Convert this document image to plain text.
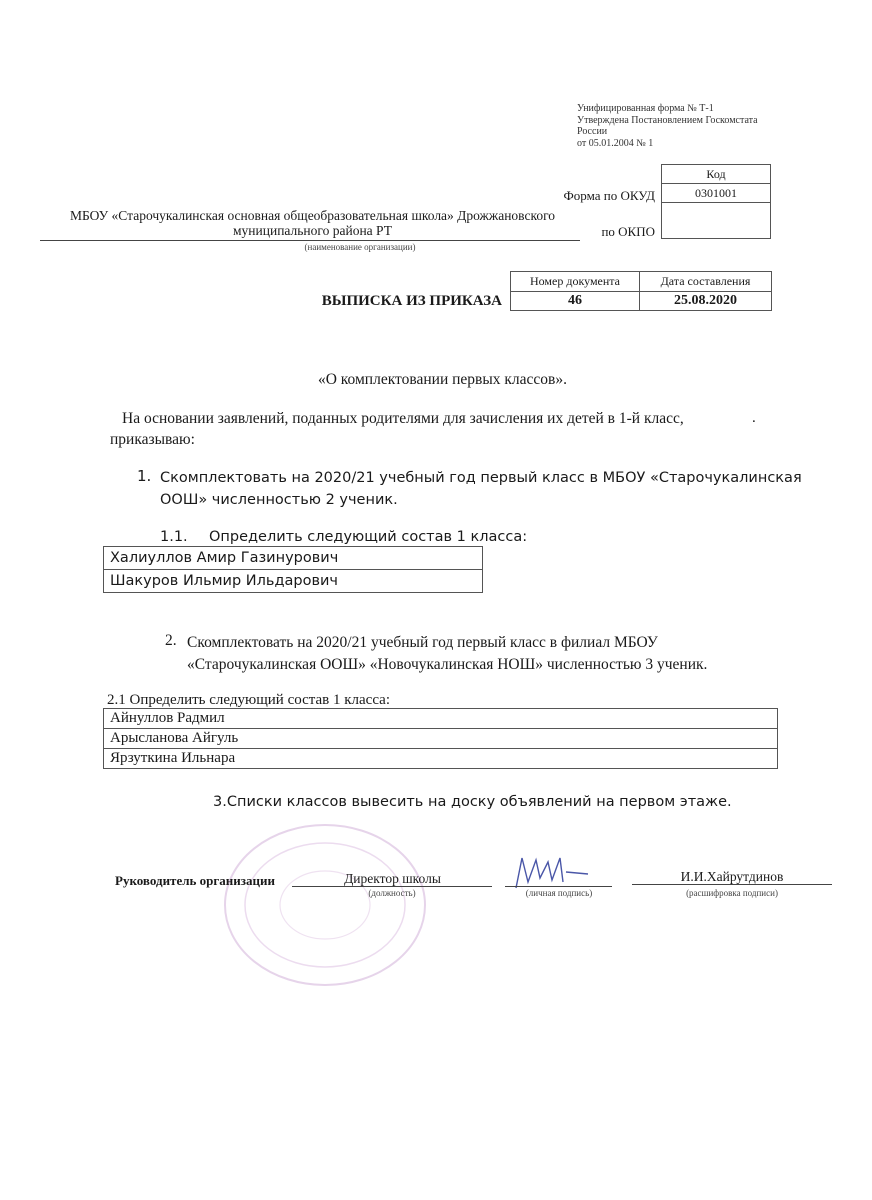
Унифицированная форма № Т-1

Утверждена Постановлением Госкомстата

России

от 05.01.2004 № 1

Код
0301001
Форма по ОКУД
по ОКПО

МБОУ «Старочукалинская основная общеобразовательная школа» Дрожжановского

муниципального района РТ

(наименование организации)
Номер документа	Дата составления
46	25.08.2020
ВЫПИСКА ИЗ ПРИКАЗА
«О комплектовании первых классов».
На основании заявлений, поданных родителями для зачисления их детей в 1-й класс,	.
приказываю:
1. Скомплектовать на 2020/21 учебный год первый класс в МБОУ «Старочукалинская

ООШ» численностью 2 ученик.

1.1. Определить следующий состав 1 класса:
Халиуллов Амир Газинурович
Шакуров Ильмир Ильдарович
2. Скомплектовать на 2020/21 учебный год первый класс в филиал МБОУ

«Старочукалинская ООШ» «Новочукалинская НОШ» численностью 3 ученик.

2.1 Определить следующий состав 1 класса:
Айнуллов Радмил
Арысланова Айгуль
Ярзуткина Ильнара
3.Списки классов вывесить на доску объявлений на первом этаже.
Руководитель организации	Директор школы
(должность)	(личная подпись)
И.И.Хайрутдинов
(расшифровка подписи)
